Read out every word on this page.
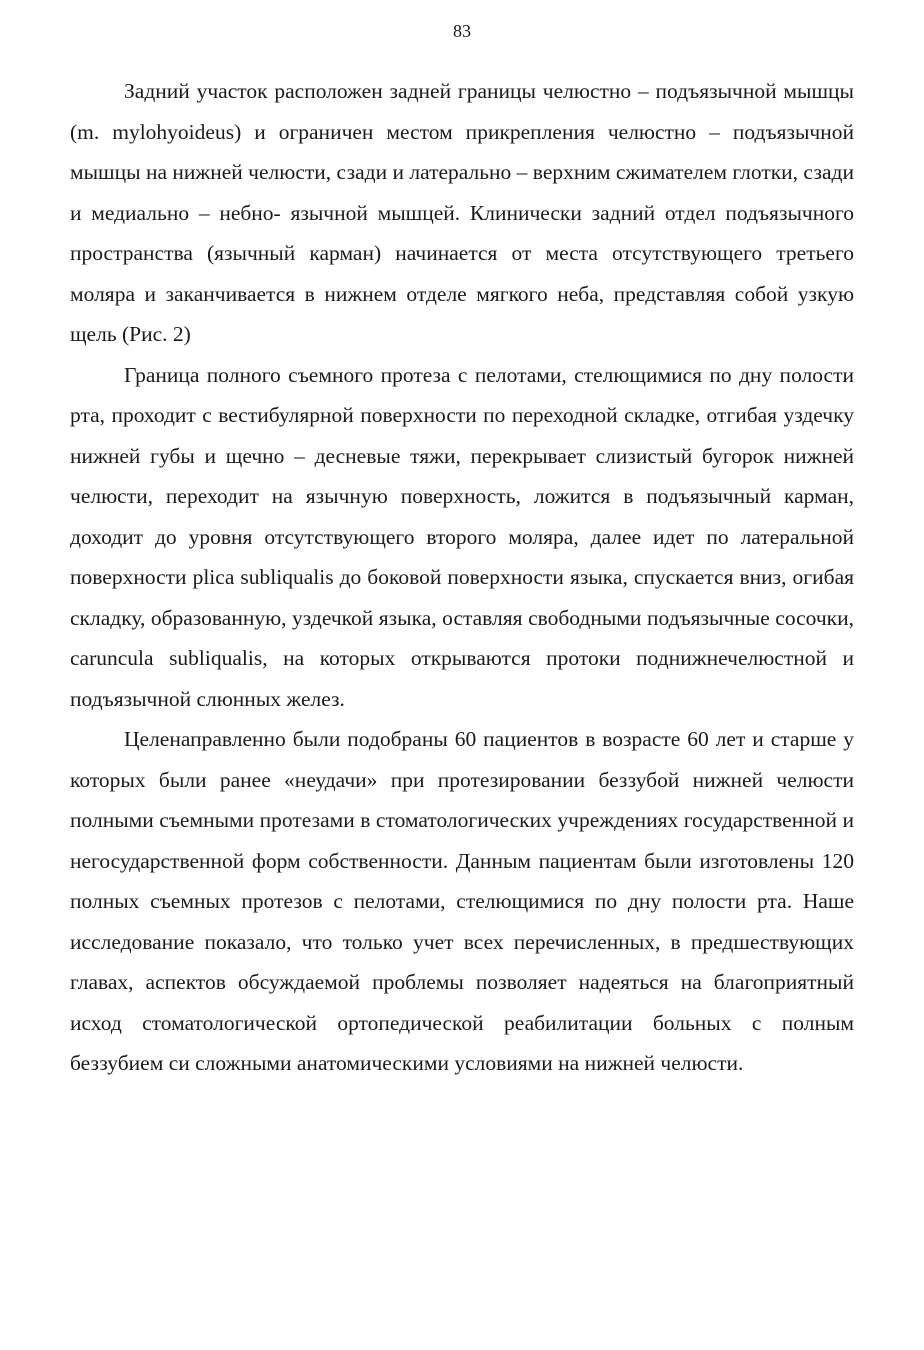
83

Задний участок расположен задней границы челюстно – подъязычной мышцы (m. mylohyoideus) и ограничен местом прикрепления челюстно – подъязычной мышцы на нижней челюсти, сзади и латерально – верхним сжимателем глотки, сзади и медиально – небно- язычной мышцей. Клинически задний отдел подъязычного пространства (язычный карман) начинается от места отсутствующего третьего моляра и заканчивается в нижнем отделе мягкого неба, представляя собой узкую щель (Рис. 2)

Граница полного съемного протеза с пелотами, стелющимися по дну полости рта, проходит с вестибулярной поверхности по переходной складке, отгибая уздечку нижней губы и щечно – десневые тяжи, перекрывает слизистый бугорок нижней челюсти, переходит на язычную поверхность, ложится в подъязычный карман, доходит до уровня отсутствующего второго моляра, далее идет по латеральной поверхности plica subliqualis до боковой поверхности языка, спускается вниз, огибая складку, образованную, уздечкой языка, оставляя свободными подъязычные сосочки, caruncula subliqualis, на которых открываются протоки поднижнечелюстной и подъязычной слюнных желез.

Целенаправленно были подобраны 60 пациентов в возрасте 60 лет и старше у которых были ранее «неудачи» при протезировании беззубой нижней челюсти полными съемными протезами в стоматологических учреждениях государственной и негосударственной форм собственности. Данным пациентам были изготовлены 120 полных съемных протезов с пелотами, стелющимися по дну полости рта. Наше исследование показало, что только учет всех перечисленных, в предшествующих главах, аспектов обсуждаемой проблемы позволяет надеяться на благоприятный исход стоматологической ортопедической реабилитации больных с полным беззубием си сложными анатомическими условиями на нижней челюсти.
